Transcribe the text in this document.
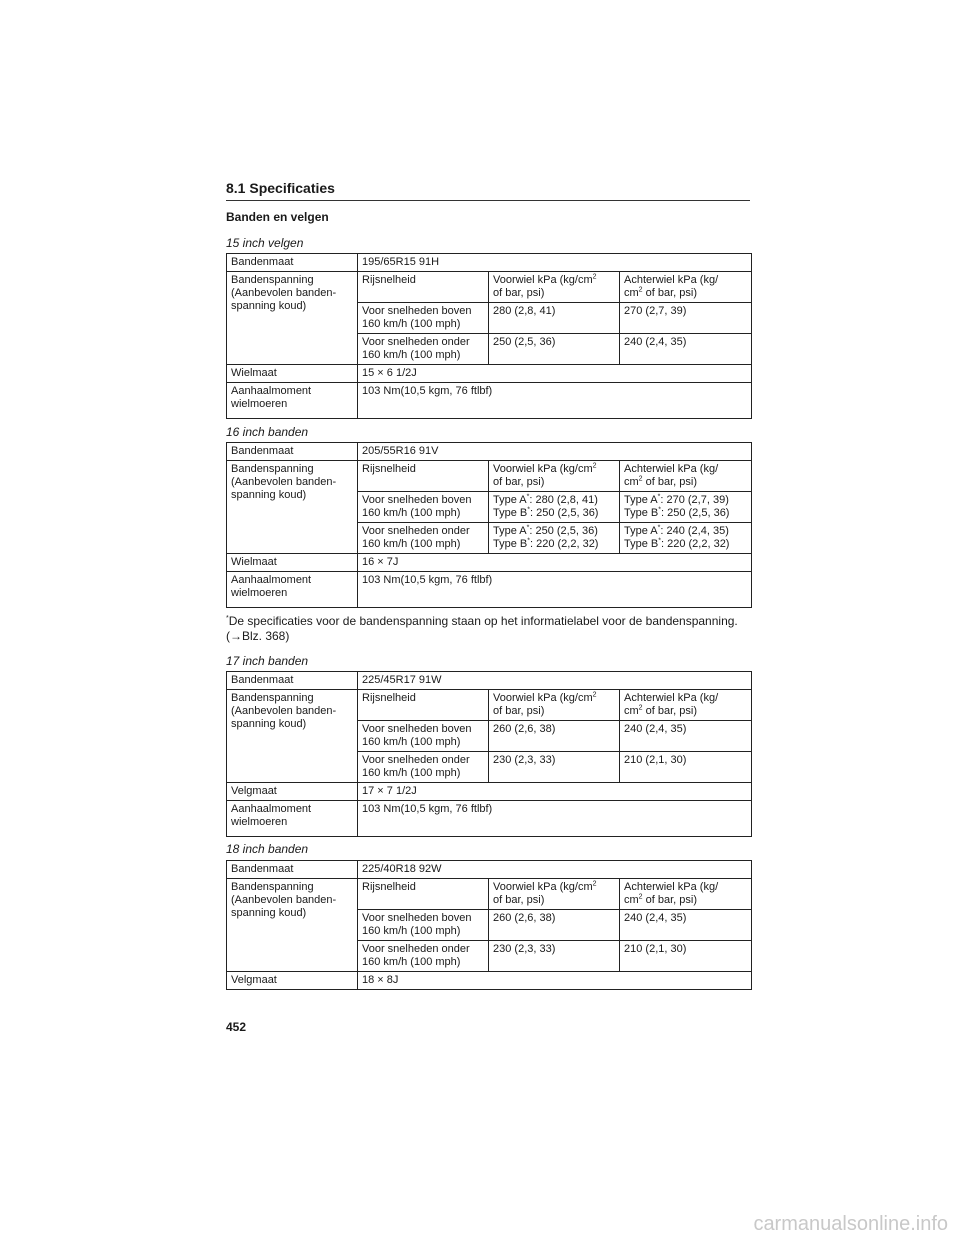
8.1 Specificaties
Banden en velgen
15 inch velgen
Bandenmaat	195/65R15 91H		
Bandenspanning (Aanbevolen banden-spanning koud)	Rijsnelheid	Voorwiel kPa ($kg/cm^2$
of bar, psi)	Achterwiel kPa (kg/
$cm^2$ of bar, psi)
	Voor snelheden boven 160 km/h (100 mph)	280 (2,8, 41)	270 (2,7, 39)
	Voor snelheden onder 160 km/h (100 mph)	250 (2,5, 36)	240 (2,4, 35)
Wielmaat	15 × 6 1/2J		
Aanhaalmoment wielmoeren	103 Nm(10,5 kgm, 76 ftlbf)		
16 inch banden
Bandenmaat	205/55R16 91V		
Bandenspanning (Aanbevolen banden-spanning koud)	Rijsnelheid	Voorwiel kPa ($kg/cm^2$
of bar, psi)	Achterwiel kPa (kg/
$cm^2$ of bar, psi)
	Voor snelheden boven 160 km/h (100 mph)	Type A*: 280 (2,8, 41)
Type B*: 250 (2,5, 36)	Type A*: 270 (2,7, 39)
Type B*: 250 (2,5, 36)
	Voor snelheden onder 160 km/h (100 mph)	Type A*: 250 (2,5, 36)
Type B*: 220 (2,2, 32)	Type A*: 240 (2,4, 35)
Type B*: 220 (2,2, 32)
Wielmaat	16 × 7J		
Aanhaalmoment wielmoeren	103 Nm(10,5 kgm, 76 ftlbf)		
*De specificaties voor de bandenspanning staan op het informatielabel voor de bandenspanning. (→Blz. 368)
17 inch banden
Bandenmaat	225/45R17 91W		
Bandenspanning (Aanbevolen banden-spanning koud)	Rijsnelheid	Voorwiel kPa ($kg/cm^2$
of bar, psi)	Achterwiel kPa (kg/
$cm^2$ of bar, psi)
	Voor snelheden boven 160 km/h (100 mph)	260 (2,6, 38)	240 (2,4, 35)
	Voor snelheden onder 160 km/h (100 mph)	230 (2,3, 33)	210 (2,1, 30)
Velgmaat	17 × 7 1/2J		
Aanhaalmoment wielmoeren	103 Nm(10,5 kgm, 76 ftlbf)		
18 inch banden
Bandenmaat	225/40R18 92W		
Bandenspanning (Aanbevolen banden-spanning koud)	Rijsnelheid	Voorwiel kPa ($kg/cm^2$
of bar, psi)	Achterwiel kPa (kg/
$cm^2$ of bar, psi)
	Voor snelheden boven 160 km/h (100 mph)	260 (2,6, 38)	240 (2,4, 35)
	Voor snelheden onder 160 km/h (100 mph)	230 (2,3, 33)	210 (2,1, 30)
Velgmaat	18 × 8J		
452
carmanualsonline.info
